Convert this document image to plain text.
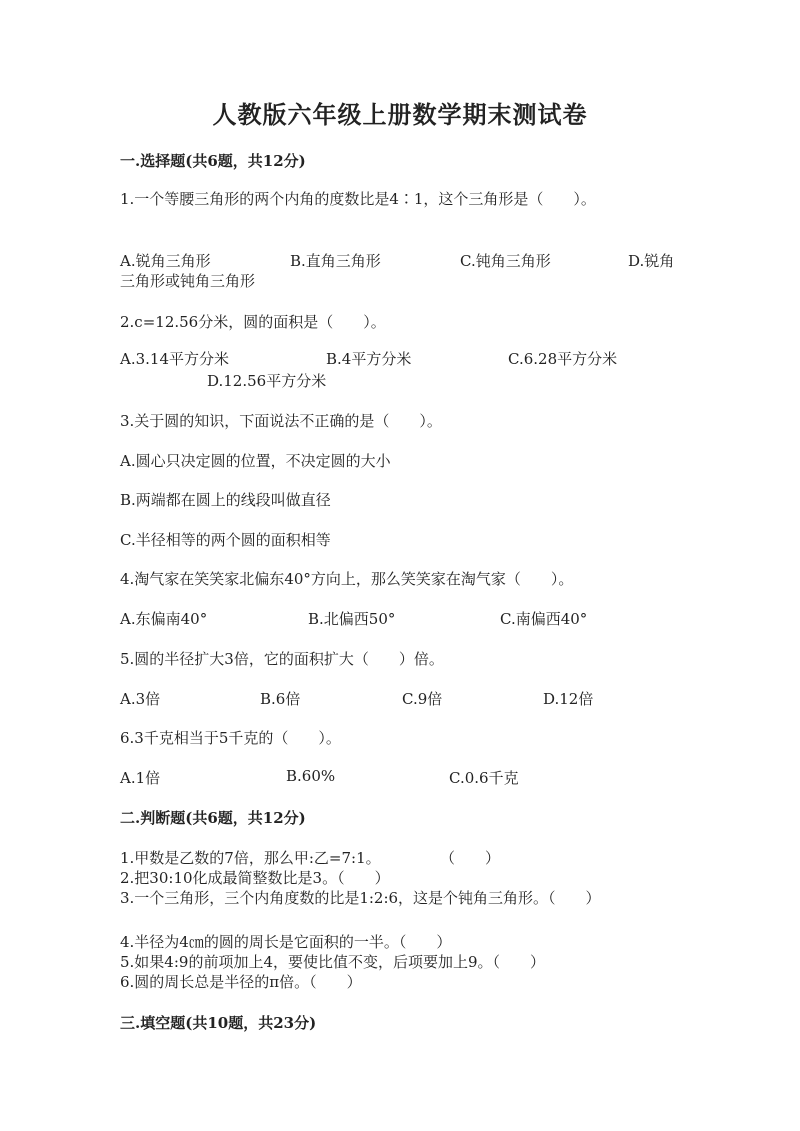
人教版六年级上册数学期末测试卷
一.选择题(共6题，共12分)
1.一个等腰三角形的两个内角的度数比是4∶1，这个三角形是（　　）。
A.锐角三角形	B.直角三角形	C.钝角三角形	D.锐角
三角形或钝角三角形
2.c=12.56分米，圆的面积是（　　）。
A.3.14平方分米	B.4平方分米	C.6.28平方分米
D.12.56平方分米
3.关于圆的知识，下面说法不正确的是（　　）。
A.圆心只决定圆的位置，不决定圆的大小
B.两端都在圆上的线段叫做直径
C.半径相等的两个圆的面积相等
4.淘气家在笑笑家北偏东40°方向上，那么笑笑家在淘气家（　　）。
A.东偏南40°	B.北偏西50°	C.南偏西40°
5.圆的半径扩大3倍，它的面积扩大（　　）倍。
A.3倍	B.6倍	C.9倍	D.12倍
6.3千克相当于5千克的（　　）。
A.1倍	B.60%	C.0.6千克
二.判断题(共6题，共12分)
1.甲数是乙数的7倍，那么甲:乙=7:1。	（　　）
2.把30:10化成最简整数比是3。（　　）
3.一个三角形，三个内角度数的比是1:2:6，这是个钝角三角形。（　　）
4.半径为4㎝的圆的周长是它面积的一半。（　　）
5.如果4:9的前项加上4，要使比值不变，后项要加上9。（　　）
6.圆的周长总是半径的π倍。（　　）
三.填空题(共10题，共23分)
